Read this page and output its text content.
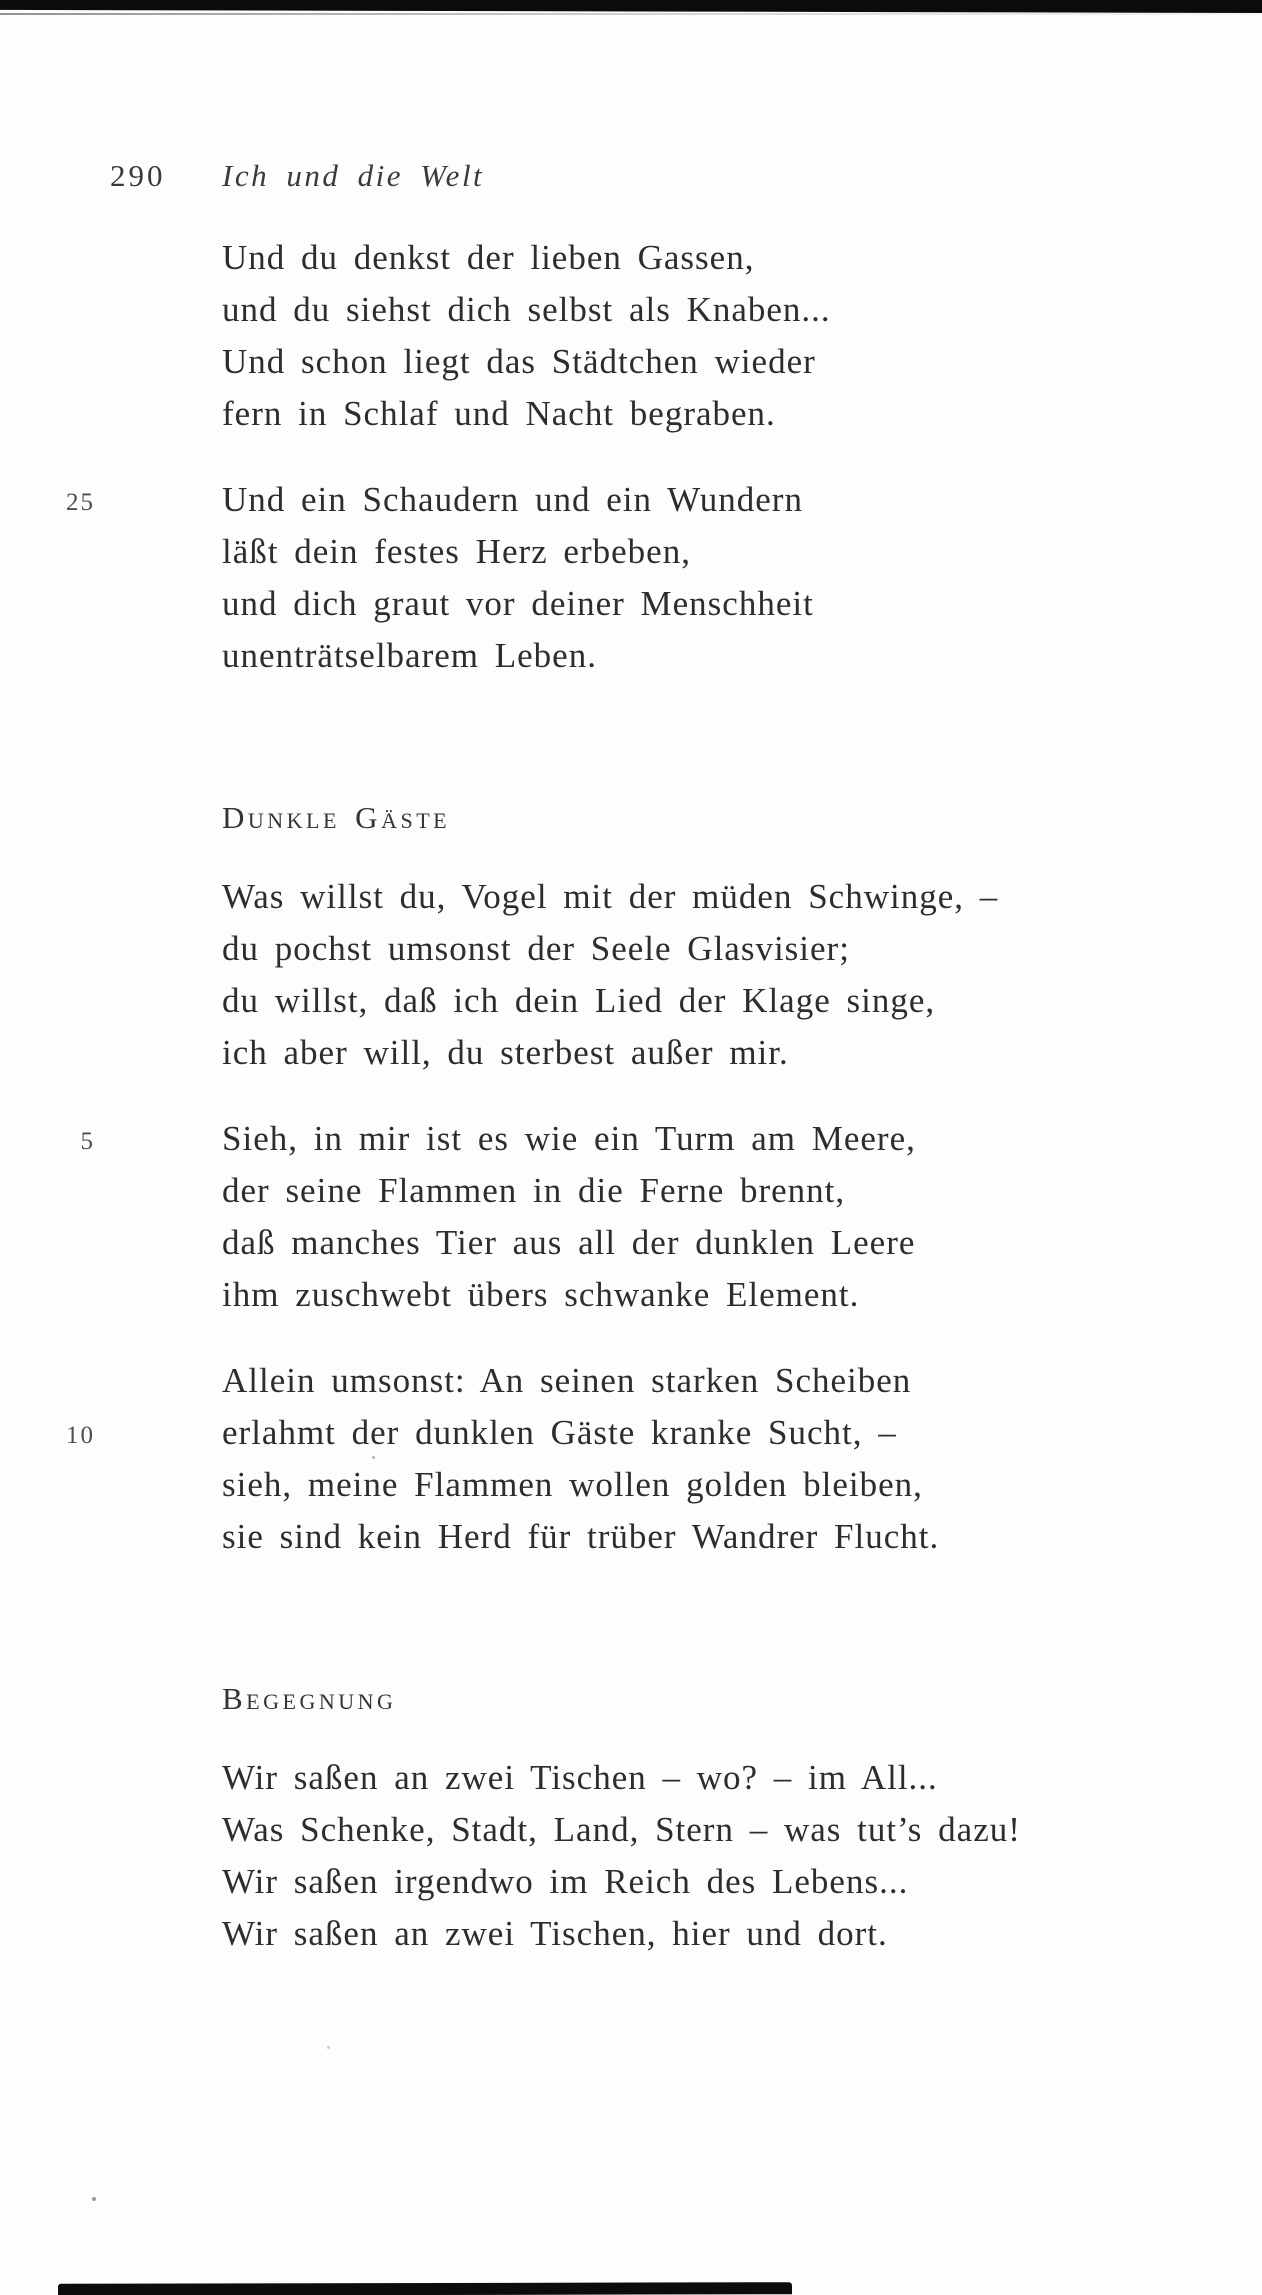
290 Ich und die Welt
Und du denkst der lieben Gassen,
und du siehst dich selbst als Knaben...
Und schon liegt das Städtchen wieder
fern in Schlaf und Nacht begraben.
25	Und ein Schaudern und ein Wundern
läßt dein festes Herz erbeben,
und dich graut vor deiner Menschheit
unenträtselbarem Leben.
Dunkle Gäste
Was willst du, Vogel mit der müden Schwinge, –
du pochst umsonst der Seele Glasvisier;
du willst, daß ich dein Lied der Klage singe,
ich aber will, du sterbest außer mir.
5	Sieh, in mir ist es wie ein Turm am Meere,
der seine Flammen in die Ferne brennt,
daß manches Tier aus all der dunklen Leere
ihm zuschwebt übers schwanke Element.
10
Allein umsonst: An seinen starken Scheiben
erlahmt der dunklen Gäste kranke Sucht, –
sieh, meine Flammen wollen golden bleiben,
sie sind kein Herd für trüber Wandrer Flucht.
Begegnung
Wir saßen an zwei Tischen – wo? – im All...
Was Schenke, Stadt, Land, Stern – was tut’s dazu!
Wir saßen irgendwo im Reich des Lebens...
Wir saßen an zwei Tischen, hier und dort.
